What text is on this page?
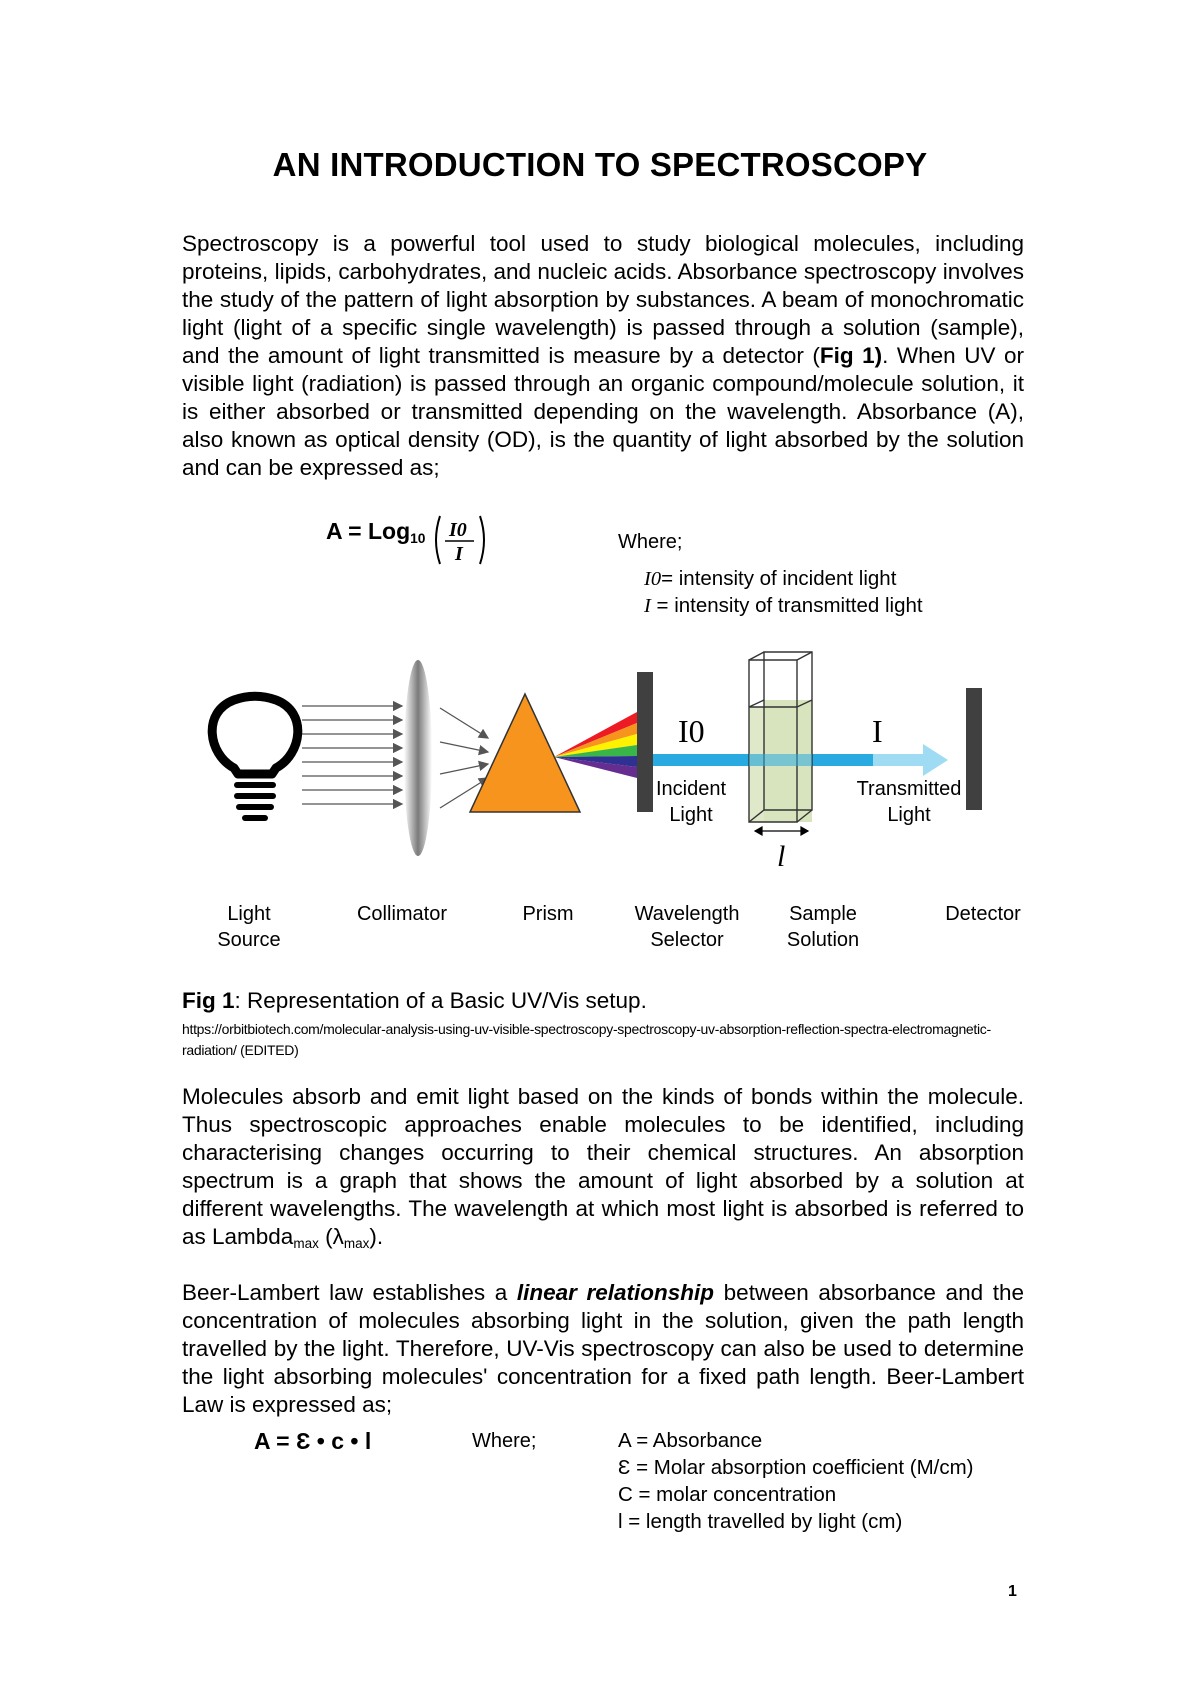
AN INTRODUCTION TO SPECTROSCOPY
Spectroscopy is a powerful tool used to study biological molecules, including proteins, lipids, carbohydrates, and nucleic acids. Absorbance spectroscopy involves the study of the pattern of light absorption by substances. A beam of monochromatic light (light of a specific single wavelength) is passed through a solution (sample), and the amount of light transmitted is measure by a detector (Fig 1). When UV or visible light (radiation) is passed through an organic compound/molecule solution, it is either absorbed or transmitted depending on the wavelength. Absorbance (A), also known as optical density (OD), is the quantity of light absorbed by the solution and can be expressed as;
A = Log$_{10}$ I0
I
Where;
I0= intensity of incident light
I = intensity of transmitted light
l
I0	I
Incident
Light
Transmitted
Light
Light
Source
Collimator	Prism	Wavelength
Selector
Sample
Solution
Detector
Fig 1: Representation of a Basic UV/Vis setup.
https://orbitbiotech.com/molecular-analysis-using-uv-visible-spectroscopy-spectroscopy-uv-absorption-reflection-spectra-electromagnetic-radiation/ (EDITED)
Molecules absorb and emit light based on the kinds of bonds within the molecule. Thus spectroscopic approaches enable molecules to be identified, including characterising changes occurring to their chemical structures. An absorption spectrum is a graph that shows the amount of light absorbed by a solution at different wavelengths. The wavelength at which most light is absorbed is referred to as Lambda$_{max}$ $(\lambda_{max})$.
Beer-Lambert law establishes a linear relationship between absorbance and the concentration of molecules absorbing light in the solution, given the path length travelled by the light. Therefore, UV-Vis spectroscopy can also be used to determine the light absorbing molecules' concentration for a fixed path length. Beer-Lambert Law is expressed as;
A = Ɛ • c • l	Where;	A = Absorbance
Ɛ = Molar absorption coefficient (M/cm)
C = molar concentration
l = length travelled by light (cm)
1
